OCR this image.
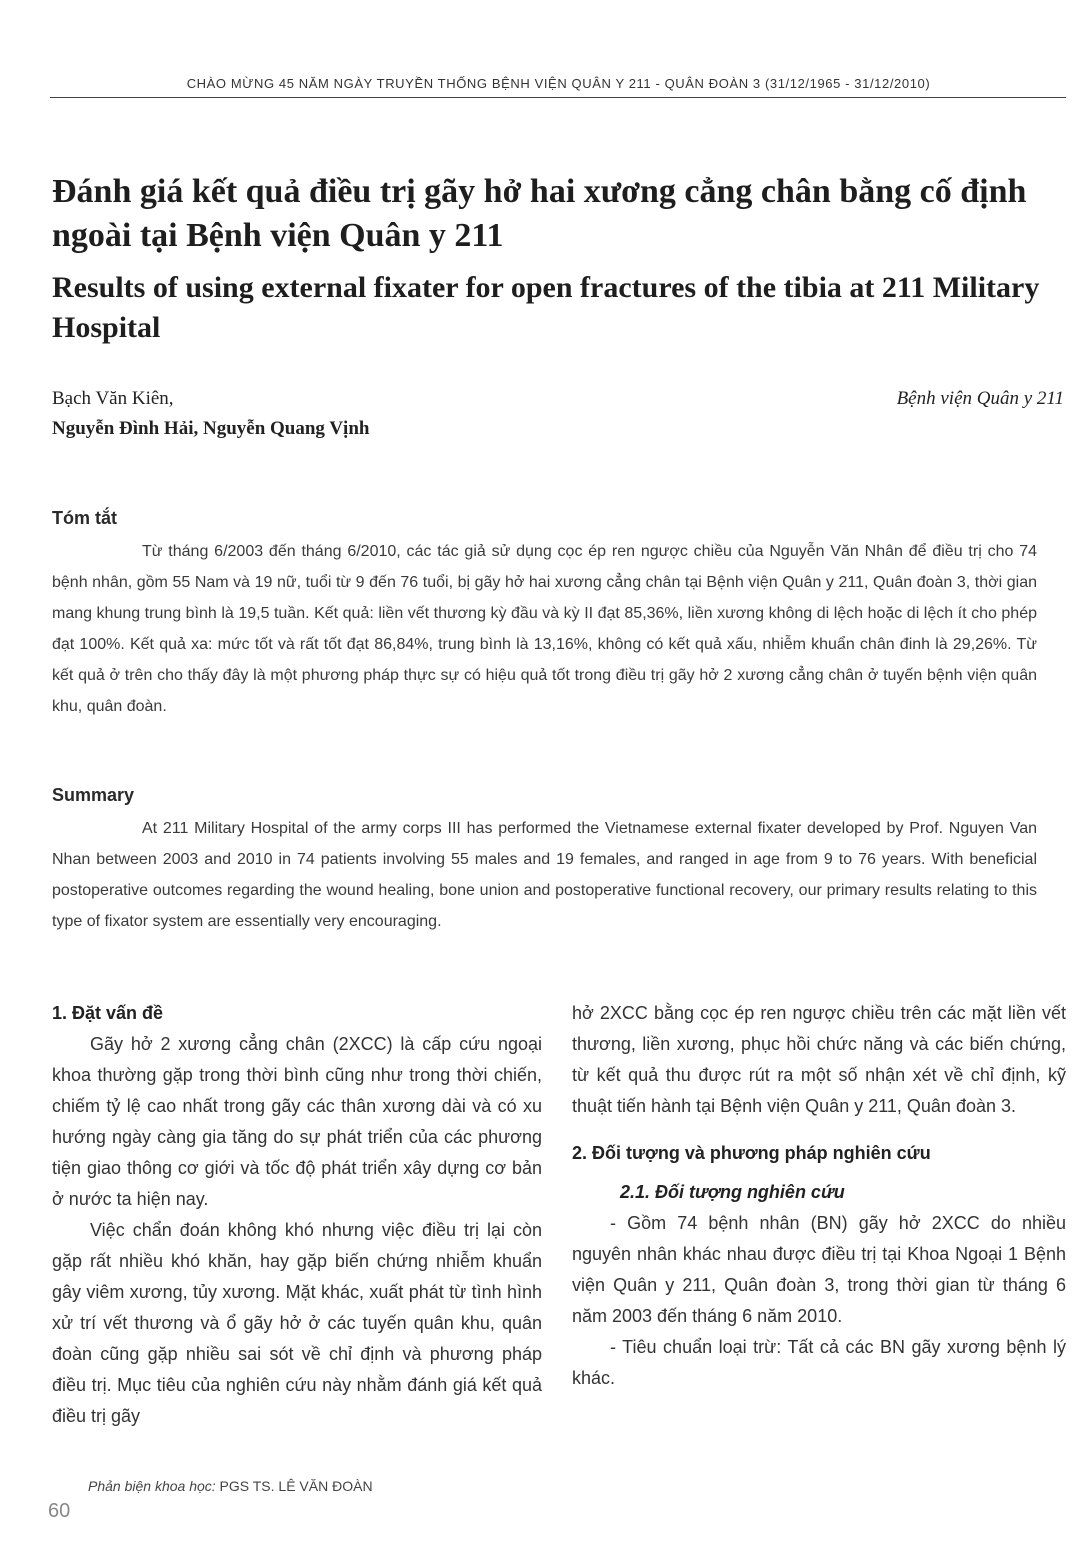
CHÀO MỪNG 45 NĂM NGÀY TRUYỀN THỐNG BỆNH VIỆN QUÂN Y 211 - QUÂN ĐOÀN 3 (31/12/1965 - 31/12/2010)
Đánh giá kết quả điều trị gãy hở hai xương cẳng chân bằng cố định ngoài tại Bệnh viện Quân y 211
Results of using external fixater for open fractures of the tibia at 211 Military Hospital
Bạch Văn Kiên,
Nguyễn Đình Hải, Nguyễn Quang Vịnh
Bệnh viện Quân y 211
Tóm tắt

Từ tháng 6/2003 đến tháng 6/2010, các tác giả sử dụng cọc ép ren ngược chiều của Nguyễn Văn Nhân để điều trị cho 74 bệnh nhân, gồm 55 Nam và 19 nữ, tuổi từ 9 đến 76 tuổi, bị gãy hở hai xương cẳng chân tại Bệnh viện Quân y 211, Quân đoàn 3, thời gian mang khung trung bình là 19,5 tuần. Kết quả: liền vết thương kỳ đầu và kỳ II đạt 85,36%, liền xương không di lệch hoặc di lệch ít cho phép đạt 100%. Kết quả xa: mức tốt và rất tốt đạt 86,84%, trung bình là 13,16%, không có kết quả xấu, nhiễm khuẩn chân đinh là 29,26%. Từ kết quả ở trên cho thấy đây là một phương pháp thực sự có hiệu quả tốt trong điều trị gãy hở 2 xương cẳng chân ở tuyến bệnh viện quân khu, quân đoàn.

Summary

At 211 Military Hospital of the army corps III has performed the Vietnamese external fixater developed by Prof. Nguyen Van Nhan between 2003 and 2010 in 74 patients involving 55 males and 19 females, and ranged in age from 9 to 76 years. With beneficial postoperative outcomes regarding the wound healing, bone union and postoperative functional recovery, our primary results relating to this type of fixator system are essentially very encouraging.

1. Đặt vấn đề

Gãy hở 2 xương cẳng chân (2XCC) là cấp cứu ngoại khoa thường gặp trong thời bình cũng như trong thời chiến, chiếm tỷ lệ cao nhất trong gãy các thân xương dài và có xu hướng ngày càng gia tăng do sự phát triển của các phương tiện giao thông cơ giới và tốc độ phát triển xây dựng cơ bản ở nước ta hiện nay.

Việc chẩn đoán không khó nhưng việc điều trị lại còn gặp rất nhiều khó khăn, hay gặp biến chứng nhiễm khuẩn gây viêm xương, tủy xương. Mặt khác, xuất phát từ tình hình xử trí vết thương và ổ gãy hở ở các tuyến quân khu, quân đoàn cũng gặp nhiều sai sót về chỉ định và phương pháp điều trị. Mục tiêu của nghiên cứu này nhằm đánh giá kết quả điều trị gãy

hở 2XCC bằng cọc ép ren ngược chiều trên các mặt liền vết thương, liền xương, phục hồi chức năng và các biến chứng, từ kết quả thu được rút ra một số nhận xét về chỉ định, kỹ thuật tiến hành tại Bệnh viện Quân y 211, Quân đoàn 3.

2. Đối tượng và phương pháp nghiên cứu
2.1. Đối tượng nghiên cứu

- Gồm 74 bệnh nhân (BN) gãy hở 2XCC do nhiều nguyên nhân khác nhau được điều trị tại Khoa Ngoại 1 Bệnh viện Quân y 211, Quân đoàn 3, trong thời gian từ tháng 6 năm 2003 đến tháng 6 năm 2010.

- Tiêu chuẩn loại trừ: Tất cả các BN gãy xương bệnh lý khác.

Phản biện khoa học: PGS TS. LÊ VĂN ĐOÀN
60
